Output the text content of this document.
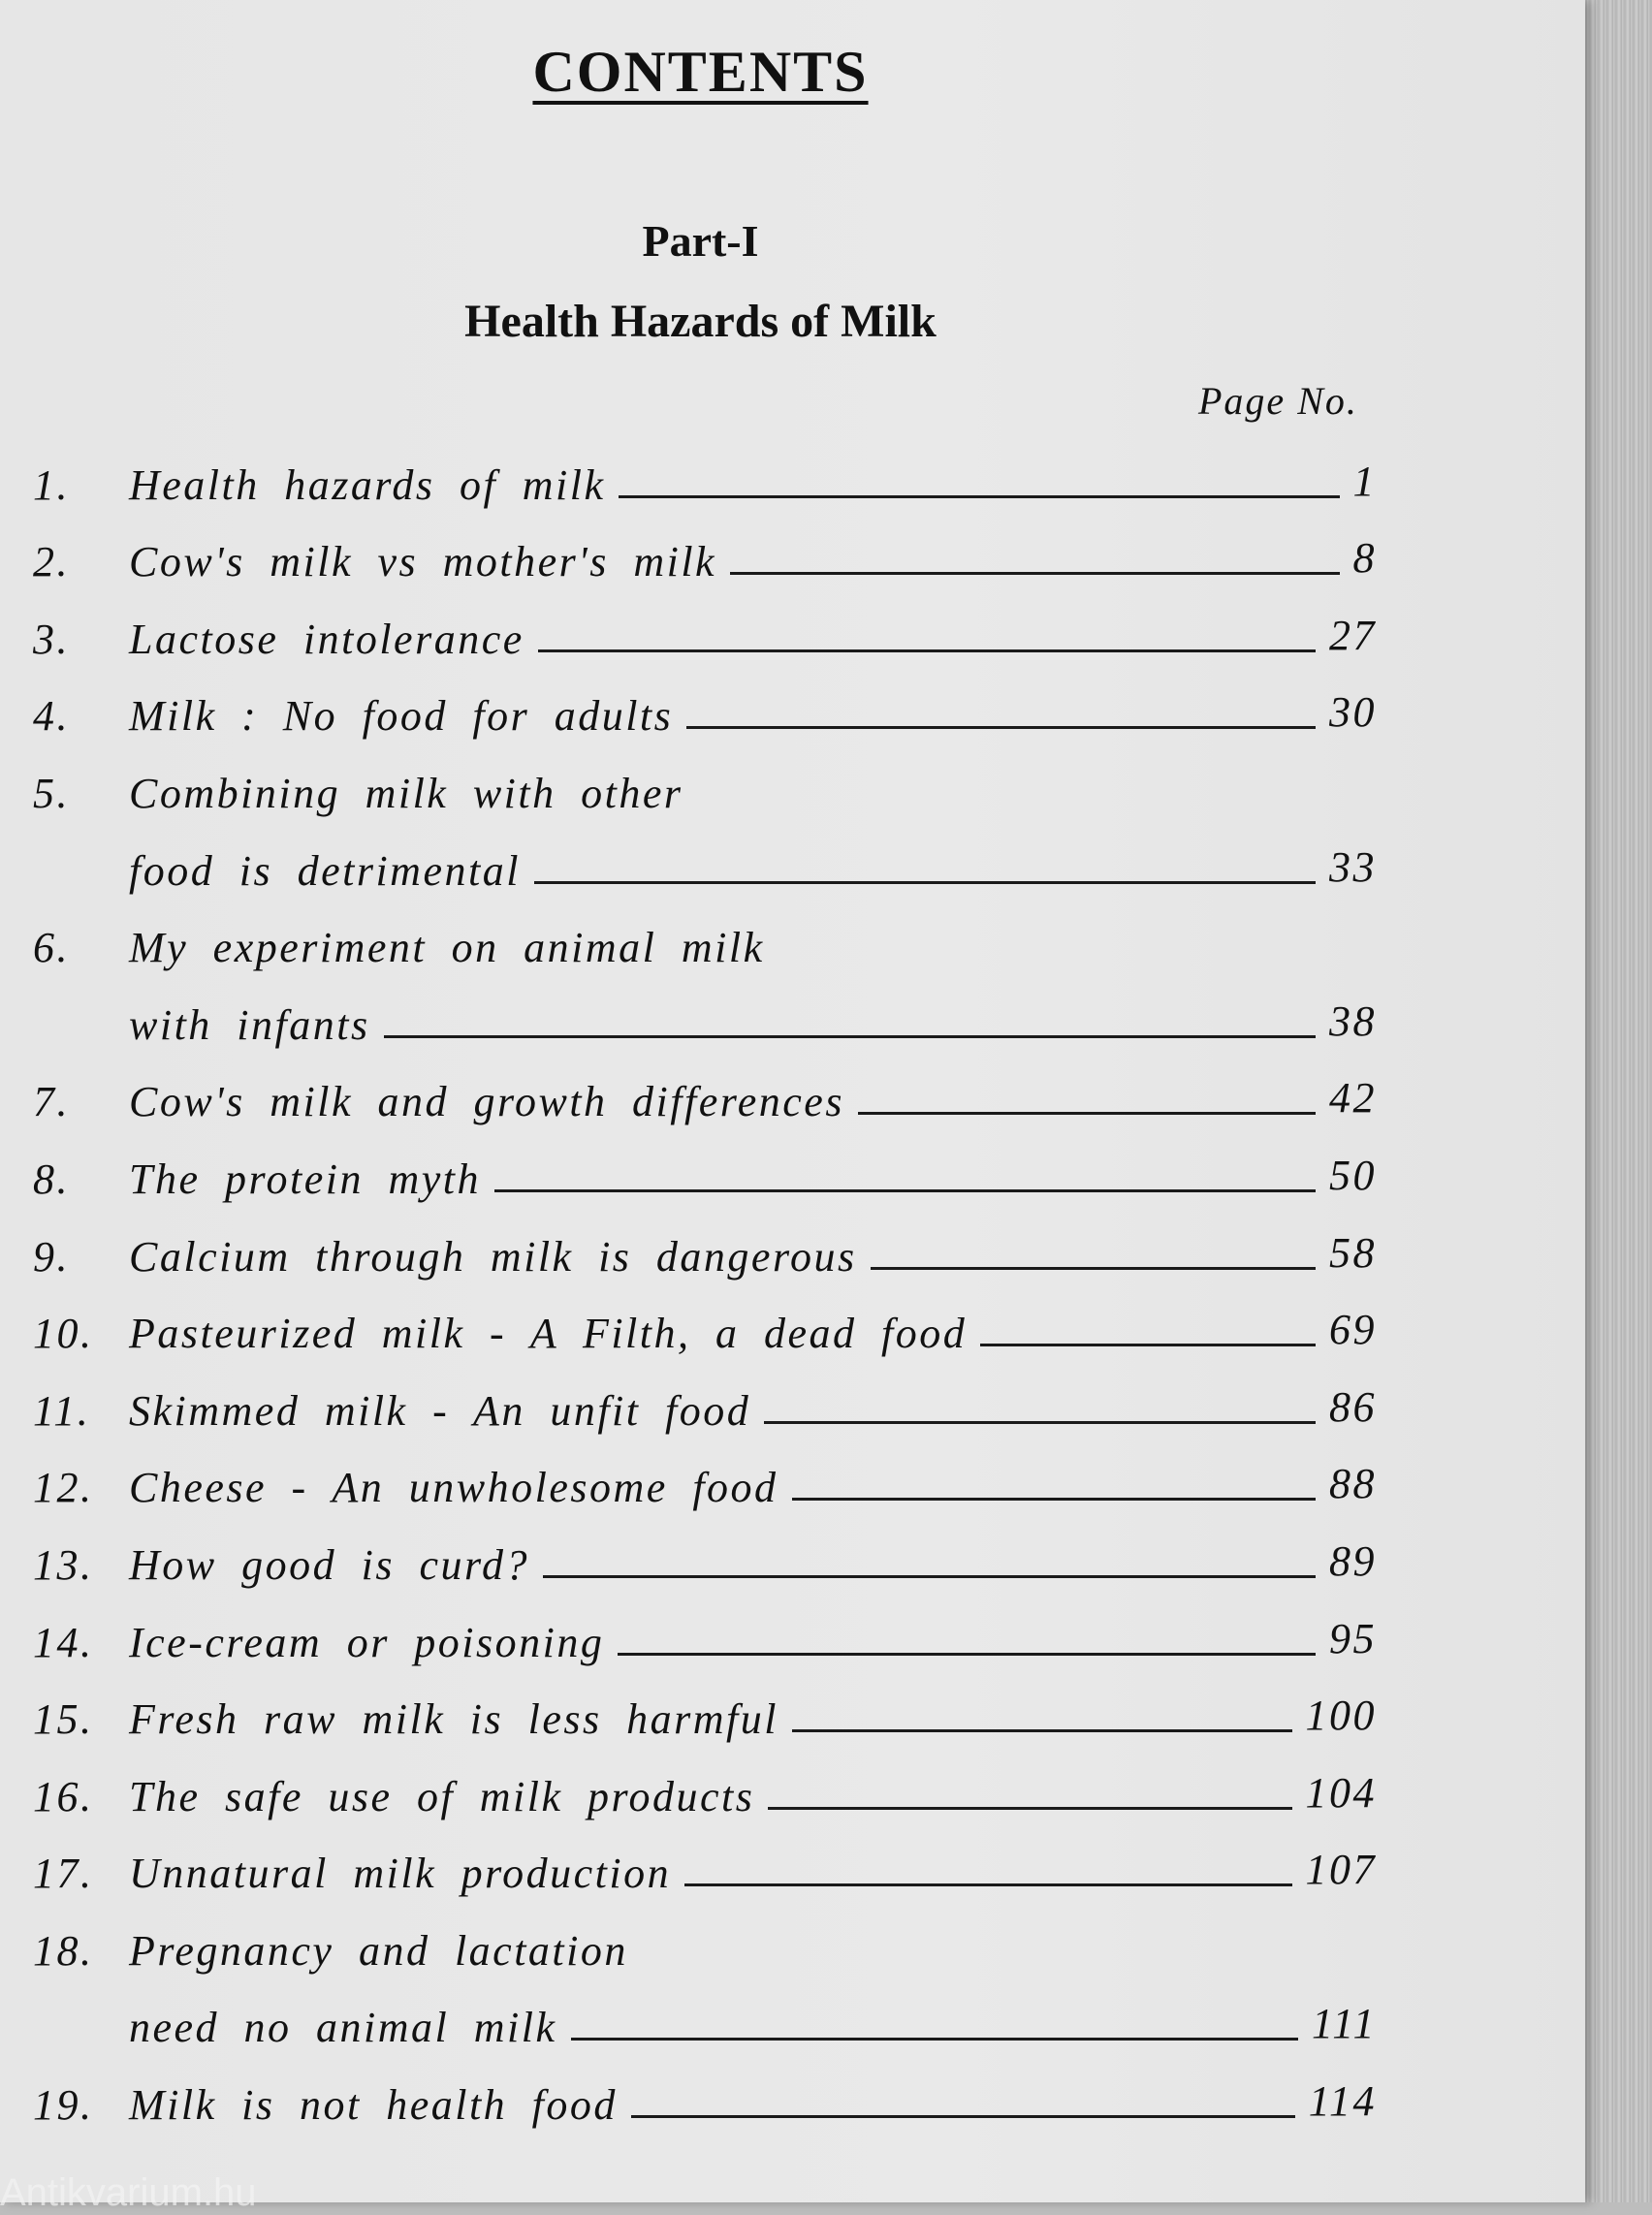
CONTENTS
Part-I
Health Hazards of Milk
Page No.
1. Health hazards of milk	1
2. Cow's milk vs mother's milk	8
3. Lactose intolerance	27
4. Milk : No food for adults	30
5. Combining milk with other
food is detrimental	33
6. My experiment on animal milk
with infants	38
7. Cow's milk and growth differences	42
8. The protein myth	50
9. Calcium through milk is dangerous	58
10. Pasteurized milk - A Filth, a dead food	69
11. Skimmed milk - An unfit food	86
12. Cheese - An unwholesome food	88
13. How good is curd?	89
14. Ice-cream or poisoning	95
15. Fresh raw milk is less harmful	100
16. The safe use of milk products	104
17. Unnatural milk production	107
18. Pregnancy and lactation
need no animal milk	111
19. Milk is not health food	114
Antikvarium.hu
